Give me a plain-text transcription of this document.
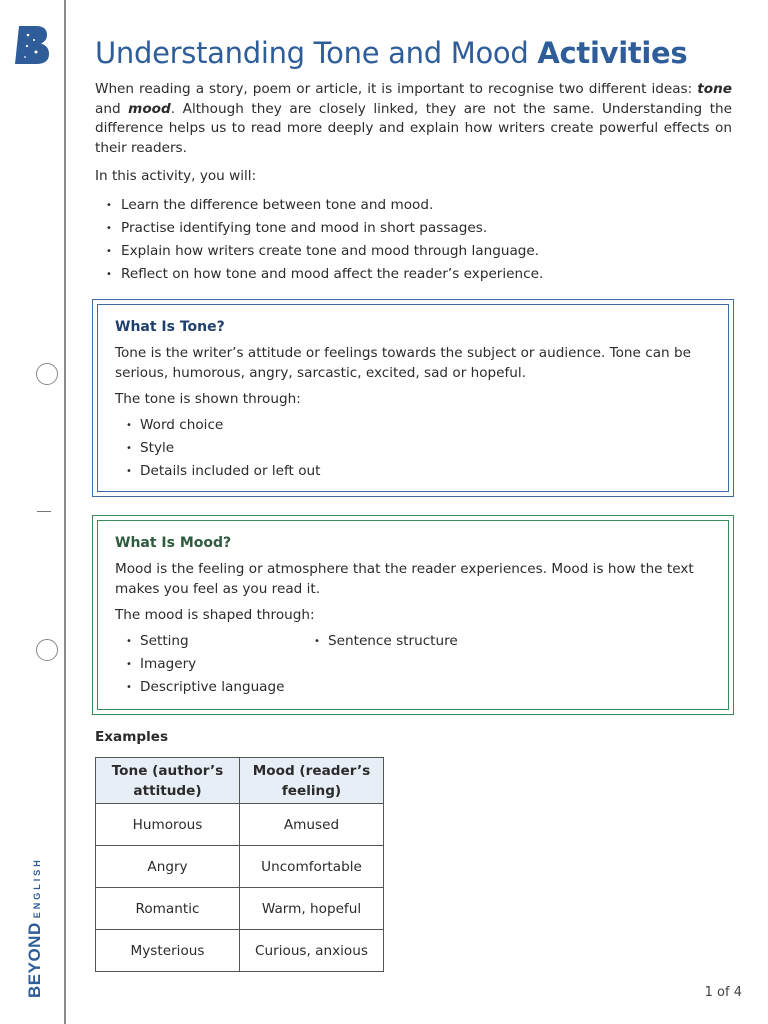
BEYONDENGLISH
Understanding Tone and Mood Activities

When reading a story, poem or article, it is important to recognise two different ideas: tone and mood. Although they are closely linked, they are not the same. Understanding the difference helps us to read more deeply and explain how writers create powerful effects on their readers.

In this activity, you will:

• Learn the difference between tone and mood.
• Practise identifying tone and mood in short passages.
• Explain how writers create tone and mood through language.
• Reflect on how tone and mood affect the reader’s experience.
What Is Tone?

Tone is the writer’s attitude or feelings towards the subject or audience. Tone can be serious, humorous, angry, sarcastic, excited, sad or hopeful.

The tone is shown through:

• Word choice
• Style
• Details included or left out
What Is Mood?

Mood is the feeling or atmosphere that the reader experiences. Mood is how the text makes you feel as you read it.

The mood is shaped through:

• Setting
• Imagery
• Descriptive language
• Sentence structure
Examples
Tone (author’s attitude)	Mood (reader’s feeling)
Humorous	Amused
Angry	Uncomfortable
Romantic	Warm, hopeful
Mysterious	Curious, anxious
1 of 4
